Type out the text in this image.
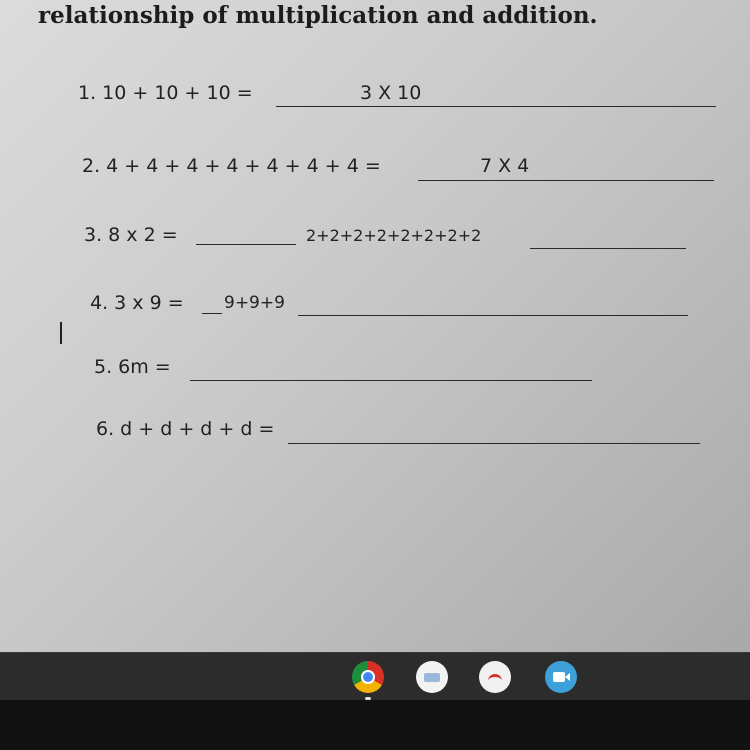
relationship of multiplication and addition.
1. 10 + 10 + 10 =	3 X 10
2. 4 + 4 + 4 + 4 + 4 + 4 + 4 =	7 X 4
3. 8 x 2 =	2+2+2+2+2+2+2+2
4. 3 x 9 = 9+9+9
5. 6m =
6. d + d + d + d =
